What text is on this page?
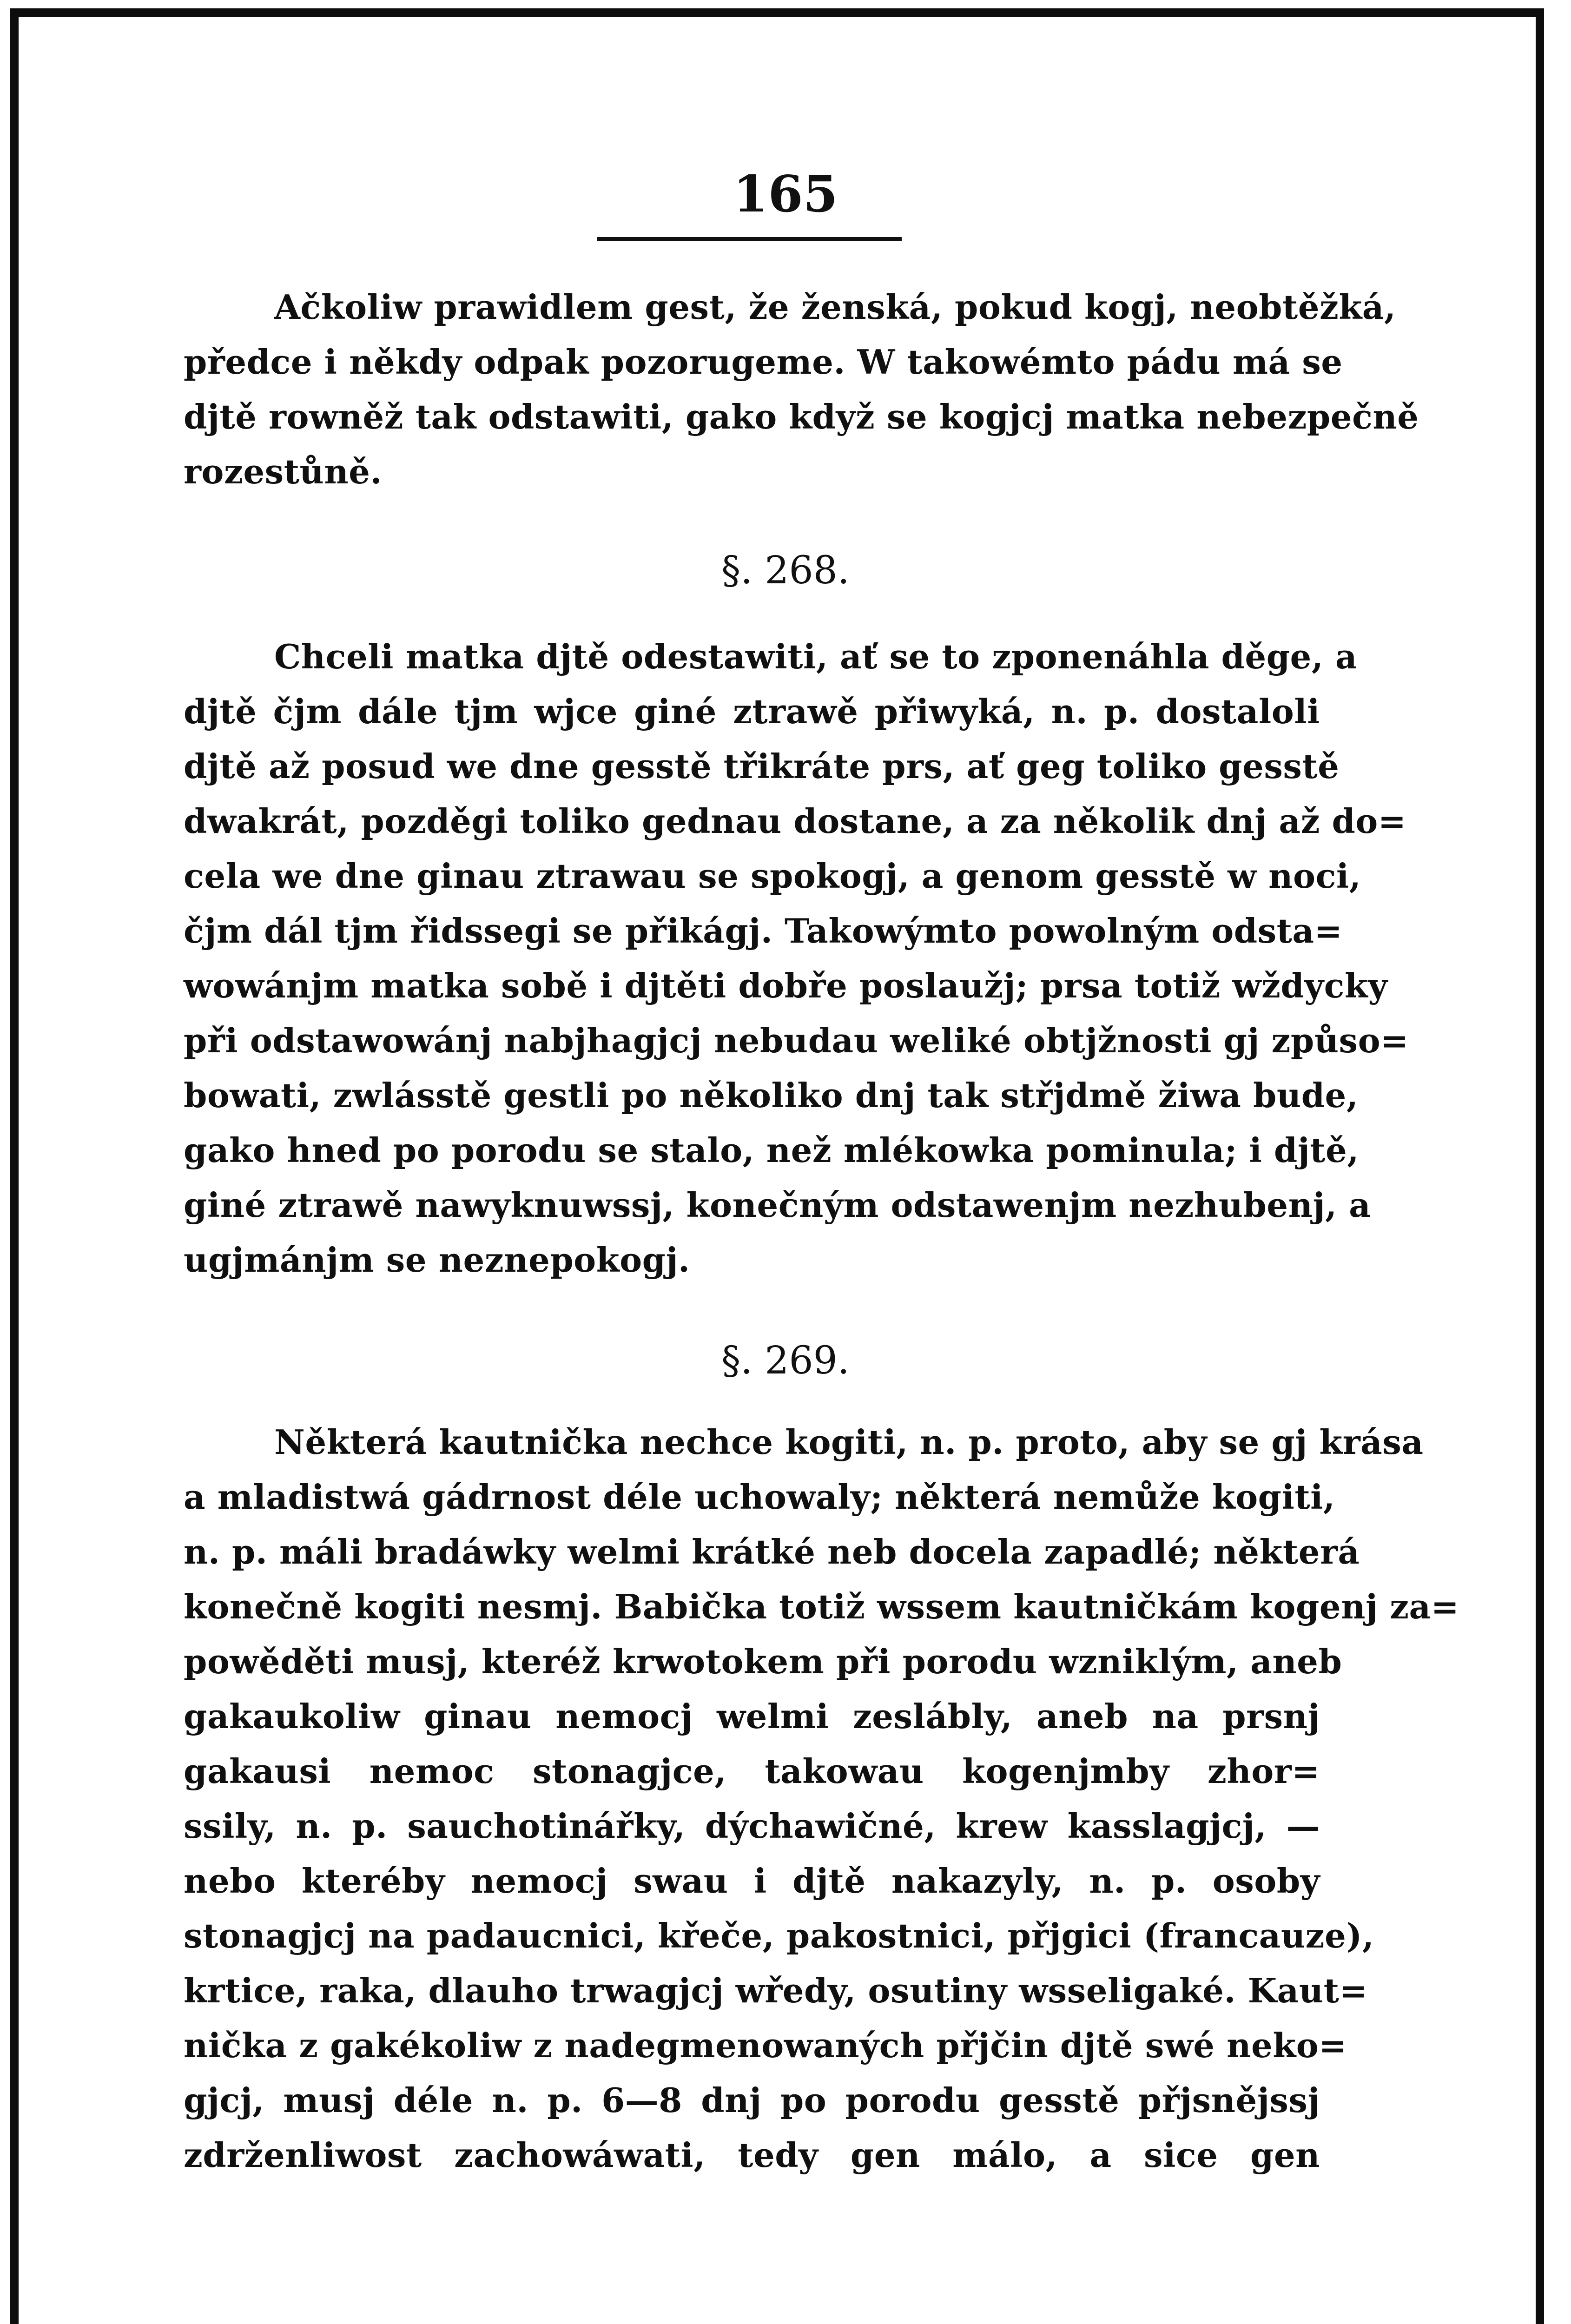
165
Ačkoliw prawidlem gest, že ženská, pokud kogj, neobtěžká,
předce i někdy odpak pozorugeme. W takowémto pádu má se
djtě rowněž tak odstawiti, gako když se kogjcj matka nebezpečně
rozestůně.
§. 268.
Chceli matka djtě odestawiti, ať se to zponenáhla děge, a
djtě čjm dále tjm wjce giné ztrawě přiwyká, n. p. dostaloli
djtě až posud we dne gesstě třikráte prs, ať geg toliko gesstě
dwakrát, pozděgi toliko gednau dostane, a za několik dnj až do=
cela we dne ginau ztrawau se spokogj, a genom gesstě w noci,
čjm dál tjm řidssegi se přikágj. Takowýmto powolným odsta=
wowánjm matka sobě i djtěti dobře poslaužj; prsa totiž wždycky
při odstawowánj nabjhagjcj nebudau weliké obtjžnosti gj způso=
bowati, zwlásstě gestli po několiko dnj tak střjdmě žiwa bude,
gako hned po porodu se stalo, než mlékowka pominula; i djtě,
giné ztrawě nawyknuwssj, konečným odstawenjm nezhubenj, a
ugjmánjm se neznepokogj.
§. 269.
Některá kautnička nechce kogiti, n. p. proto, aby se gj krása
a mladistwá gádrnost déle uchowaly; některá nemůže kogiti,
n. p. máli bradáwky welmi krátké neb docela zapadlé; některá
konečně kogiti nesmj. Babička totiž wssem kautničkám kogenj za=
powěděti musj, kteréž krwotokem při porodu wzniklým, aneb
gakaukoliw ginau nemocj welmi zeslábly, aneb na prsnj
gakausi nemoc stonagjce, takowau kogenjmby zhor=
ssily, n. p. sauchotinářky, dýchawičné, krew kasslagjcj, —
nebo kteréby nemocj swau i djtě nakazyly, n. p. osoby
stonagjcj na padaucnici, křeče, pakostnici, přjgici (francauze),
krtice, raka, dlauho trwagjcj wředy, osutiny wsseligaké. Kaut=
nička z gakékoliw z nadegmenowaných přjčin djtě swé neko=
gjcj, musj déle n. p. 6—8 dnj po porodu gesstě přjsnějssj
zdrženliwost zachowáwati, tedy gen málo, a sice gen
